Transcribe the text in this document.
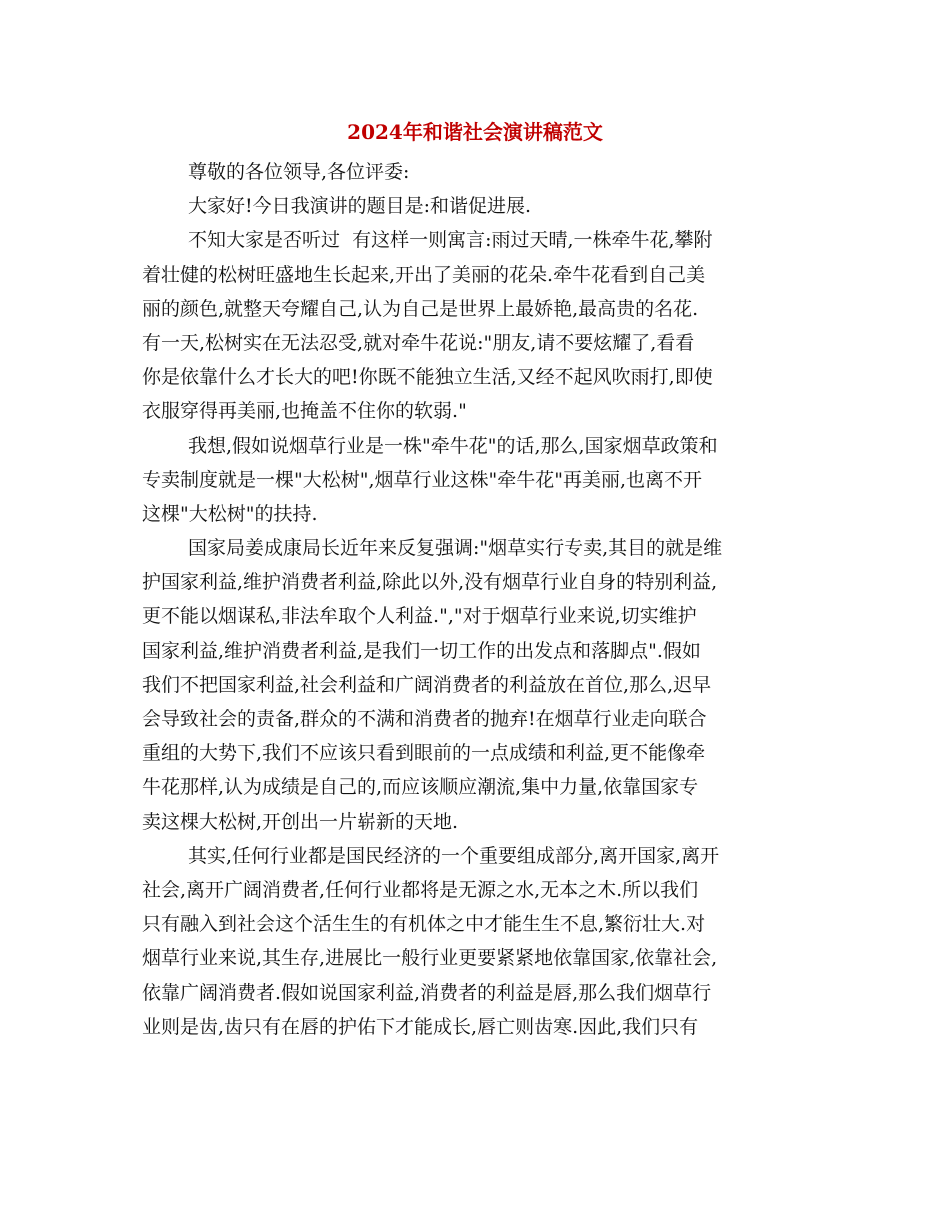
2024年和谐社会演讲稿范文
尊敬的各位领导,各位评委:
大家好!今日我演讲的题目是:和谐促进展.
不知大家是否听过  有这样一则寓言:雨过天晴,一株牵牛花,攀附
着壮健的松树旺盛地生长起来,开出了美丽的花朵.牵牛花看到自己美
丽的颜色,就整天夸耀自己,认为自己是世界上最娇艳,最高贵的名花.
有一天,松树实在无法忍受,就对牵牛花说:"朋友,请不要炫耀了,看看
你是依靠什么才长大的吧!你既不能独立生活,又经不起风吹雨打,即使
衣服穿得再美丽,也掩盖不住你的软弱."
我想,假如说烟草行业是一株"牵牛花"的话,那么,国家烟草政策和
专卖制度就是一棵"大松树",烟草行业这株"牵牛花"再美丽,也离不开
这棵"大松树"的扶持.
国家局姜成康局长近年来反复强调:"烟草实行专卖,其目的就是维
护国家利益,维护消费者利益,除此以外,没有烟草行业自身的特别利益,
更不能以烟谋私,非法牟取个人利益.","对于烟草行业来说,切实维护
国家利益,维护消费者利益,是我们一切工作的出发点和落脚点".假如
我们不把国家利益,社会利益和广阔消费者的利益放在首位,那么,迟早
会导致社会的责备,群众的不满和消费者的抛弃!在烟草行业走向联合
重组的大势下,我们不应该只看到眼前的一点成绩和利益,更不能像牵
牛花那样,认为成绩是自己的,而应该顺应潮流,集中力量,依靠国家专
卖这棵大松树,开创出一片崭新的天地.
其实,任何行业都是国民经济的一个重要组成部分,离开国家,离开
社会,离开广阔消费者,任何行业都将是无源之水,无本之木.所以我们
只有融入到社会这个活生生的有机体之中才能生生不息,繁衍壮大.对
烟草行业来说,其生存,进展比一般行业更要紧紧地依靠国家,依靠社会,
依靠广阔消费者.假如说国家利益,消费者的利益是唇,那么我们烟草行
业则是齿,齿只有在唇的护佑下才能成长,唇亡则齿寒.因此,我们只有
